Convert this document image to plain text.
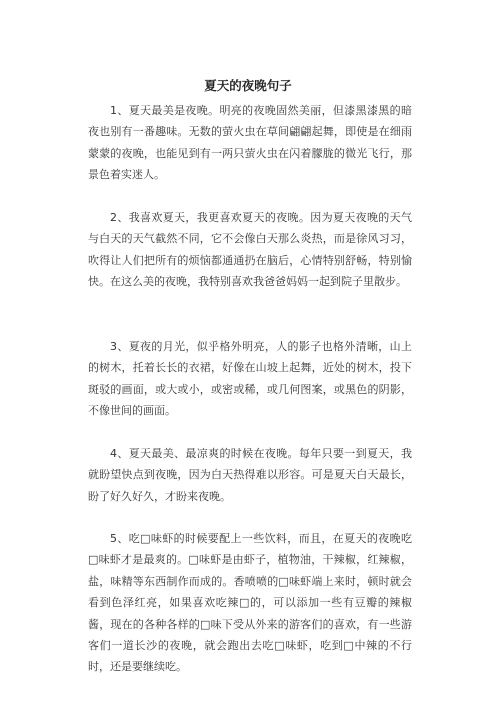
夏天的夜晚句子

1、夏天最美是夜晚。明亮的夜晚固然美丽，但漆黑漆黑的暗夜也别有一番趣味。无数的萤火虫在草间翩翩起舞，即使是在细雨蒙蒙的夜晚，也能见到有一两只萤火虫在闪着朦胧的微光飞行，那景色着实迷人。

2、我喜欢夏天，我更喜欢夏天的夜晚。因为夏天夜晚的天气与白天的天气截然不同，它不会像白天那么炎热，而是徐风习习，吹得让人们把所有的烦恼都通通扔在脑后，心情特别舒畅，特别愉快。在这么美的夜晚，我特别喜欢我爸爸妈妈一起到院子里散步。

3、夏夜的月光，似乎格外明亮，人的影子也格外清晰，山上的树木，托着长长的衣裙，好像在山坡上起舞，近处的树木，投下斑驳的画面，或大或小，或密或稀，或几何图案，或黑色的阴影，不像世间的画面。

4、夏天最美、最凉爽的时候在夜晚。每年只要一到夏天，我就盼望快点到夜晚，因为白天热得难以形容。可是夏天白天最长，盼了好久好久，才盼来夜晚。

5、吃□味虾的时候要配上一些饮料，而且，在夏天的夜晚吃□味虾才是最爽的。□味虾是由虾子，植物油，干辣椒，红辣椒，盐，味精等东西制作而成的。香喷喷的□味虾端上来时，顿时就会看到色泽红亮，如果喜欢吃辣□的，可以添加一些有豆瓣的辣椒酱，现在的各种各样的□味下受从外来的游客们的喜欢，有一些游客们一道长沙的夜晚，就会跑出去吃□味虾，吃到□中辣的不行时，还是要继续吃。
